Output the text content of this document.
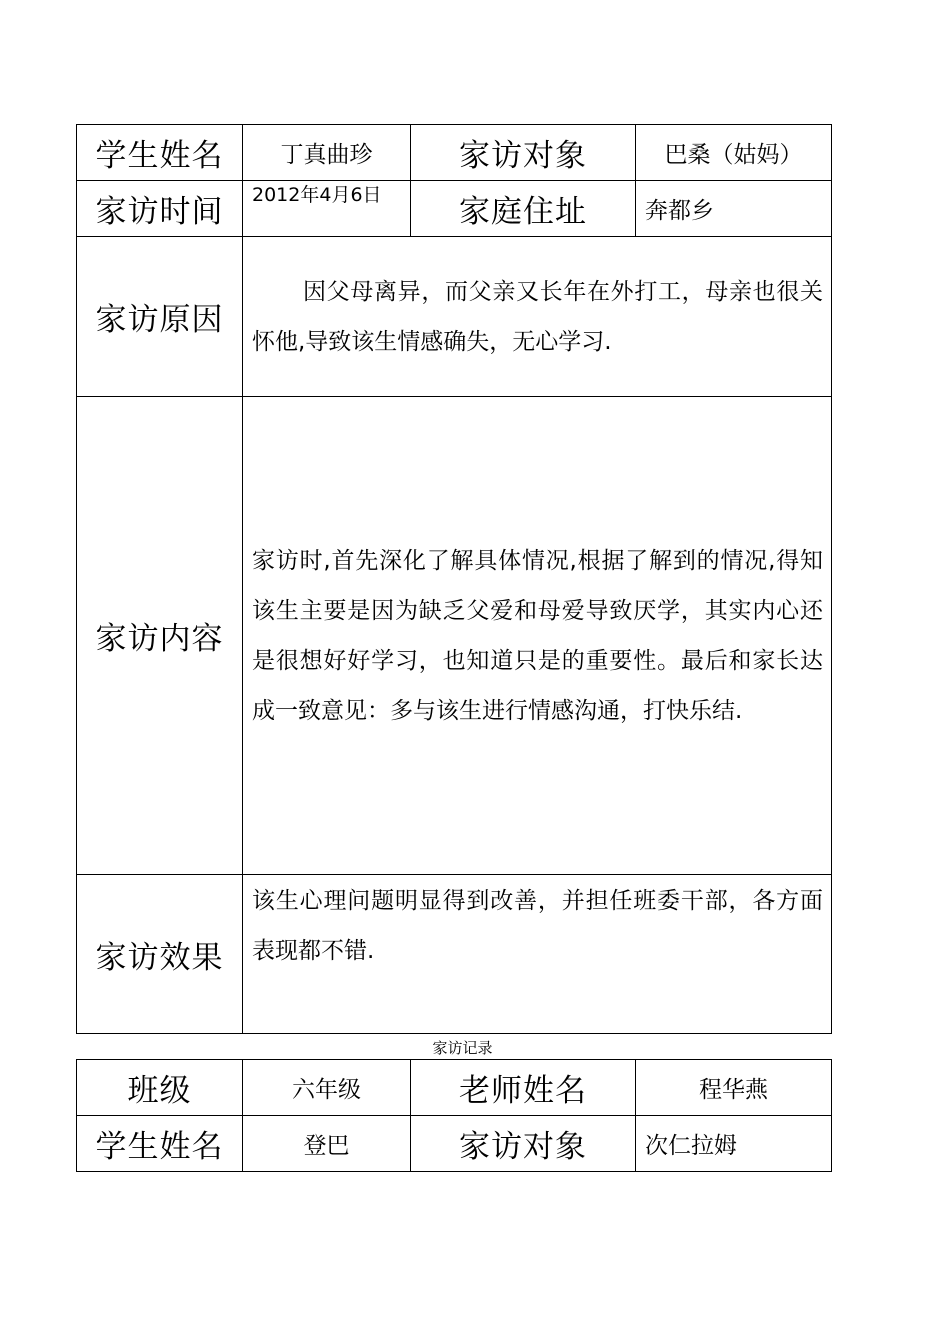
学生姓名	丁真曲珍	家访对象	巴桑（姑妈）
家访时间	2012年4月6日	家庭住址	奔都乡
家访原因	因父母离异，而父亲又长年在外打工，母亲也很关怀他,导致该生情感确失，无心学习.		
家访内容	家访时,首先深化了解具体情况,根据了解到的情况,得知该生主要是因为缺乏父爱和母爱导致厌学，其实内心还是很想好好学习，也知道只是的重要性。最后和家长达成一致意见：多与该生进行情感沟通，打快乐结.		
家访效果	该生心理问题明显得到改善，并担任班委干部，各方面表现都不错.		
家访记录
班级	六年级	老师姓名	程华燕
学生姓名	登巴	家访对象	次仁拉姆
